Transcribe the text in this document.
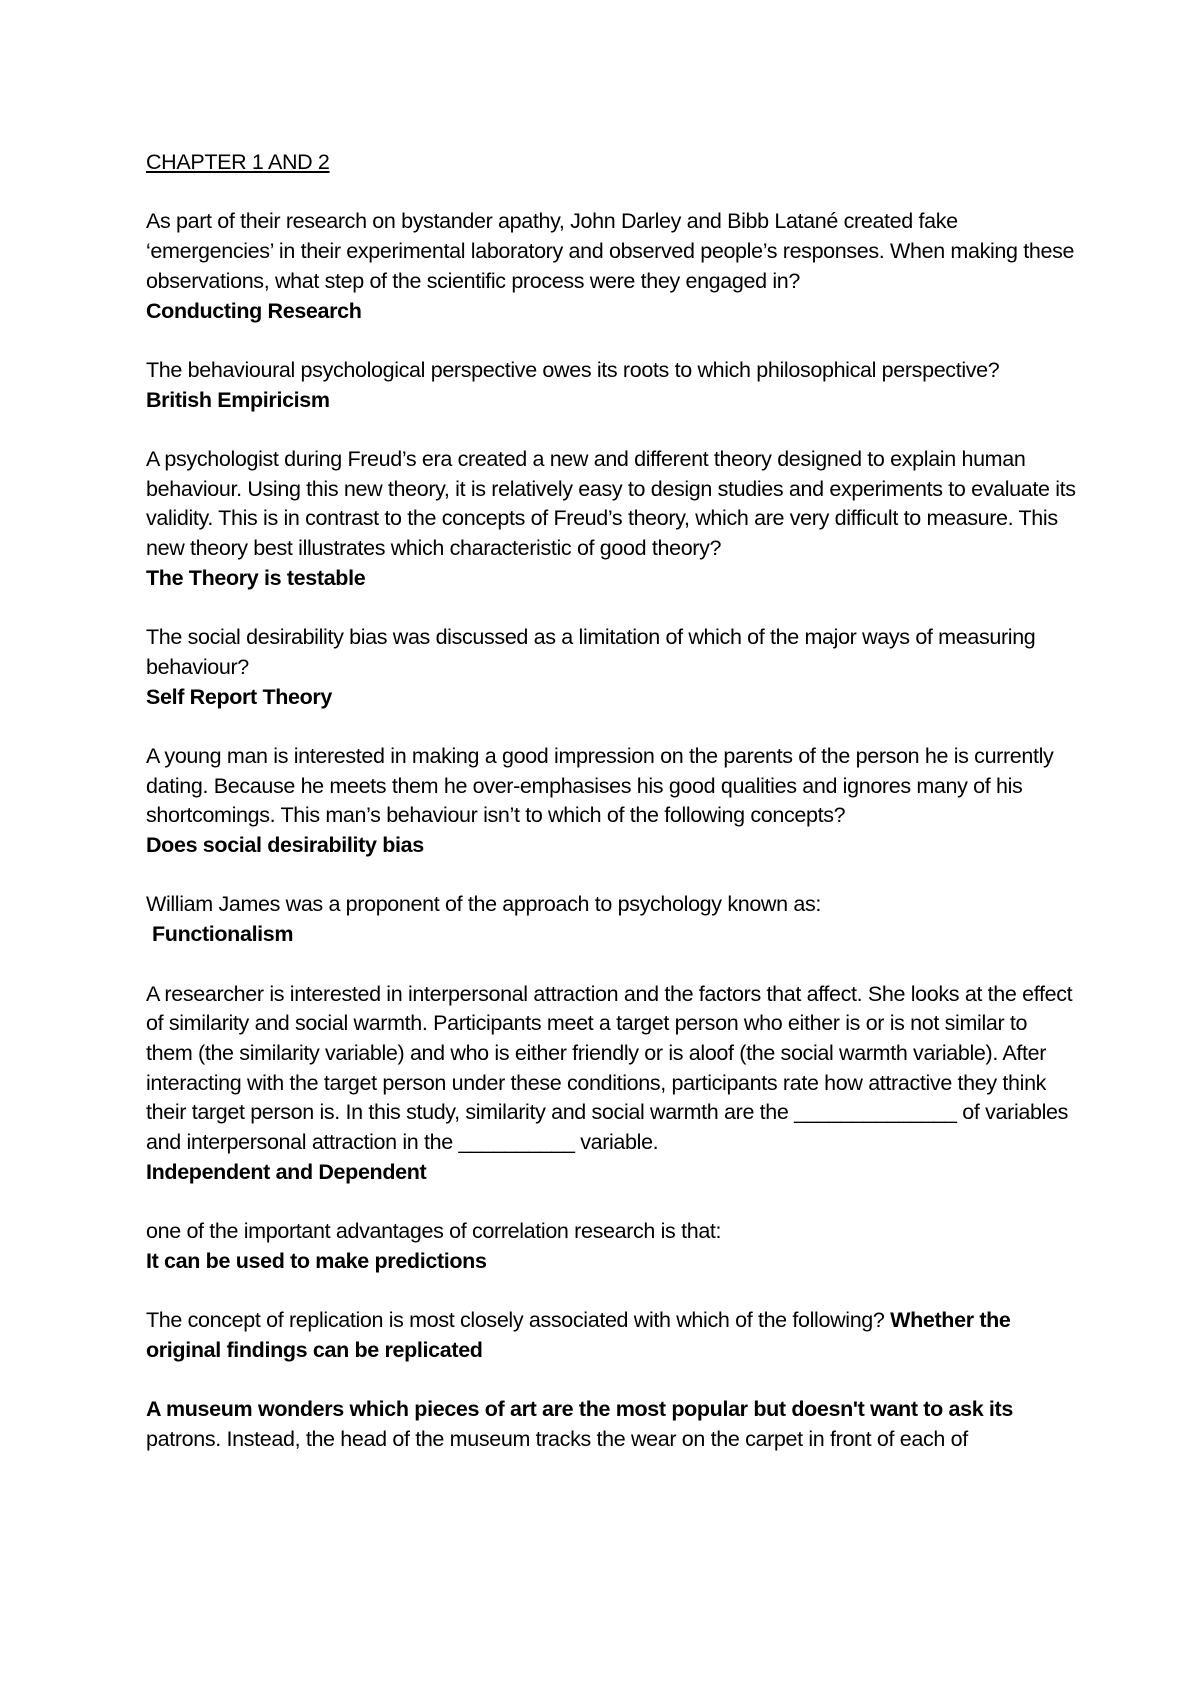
CHAPTER 1 AND 2
As part of their research on bystander apathy, John Darley and Bibb Latané created fake ‘emergencies’ in their experimental laboratory and observed people’s responses. When making these observations, what step of the scientific process were they engaged in?
Conducting Research
The behavioural psychological perspective owes its roots to which philosophical perspective?
British Empiricism
A psychologist during Freud’s era created a new and different theory designed to explain human behaviour. Using this new theory, it is relatively easy to design studies and experiments to evaluate its validity. This is in contrast to the concepts of Freud’s theory, which are very difficult to measure. This new theory best illustrates which characteristic of good theory?
The Theory is testable
The social desirability bias was discussed as a limitation of which of the major ways of measuring behaviour?
Self Report Theory
A young man is interested in making a good impression on the parents of the person he is currently dating. Because he meets them he over-emphasises his good qualities and ignores many of his shortcomings. This man’s behaviour isn’t to which of the following concepts?
Does social desirability bias
William James was a proponent of the approach to psychology known as:
Functionalism
A researcher is interested in interpersonal attraction and the factors that affect. She looks at the effect of similarity and social warmth. Participants meet a target person who either is or is not similar to them (the similarity variable) and who is either friendly or is aloof (the social warmth variable). After interacting with the target person under these conditions, participants rate how attractive they think their target person is. In this study, similarity and social warmth are the ______________ of variables and interpersonal attraction in the __________ variable.
Independent and Dependent
one of the important advantages of correlation research is that:
It can be used to make predictions
The concept of replication is most closely associated with which of the following? Whether the original findings can be replicated
A museum wonders which pieces of art are the most popular but doesn't want to ask its patrons. Instead, the head of the museum tracks the wear on the carpet in front of each of
